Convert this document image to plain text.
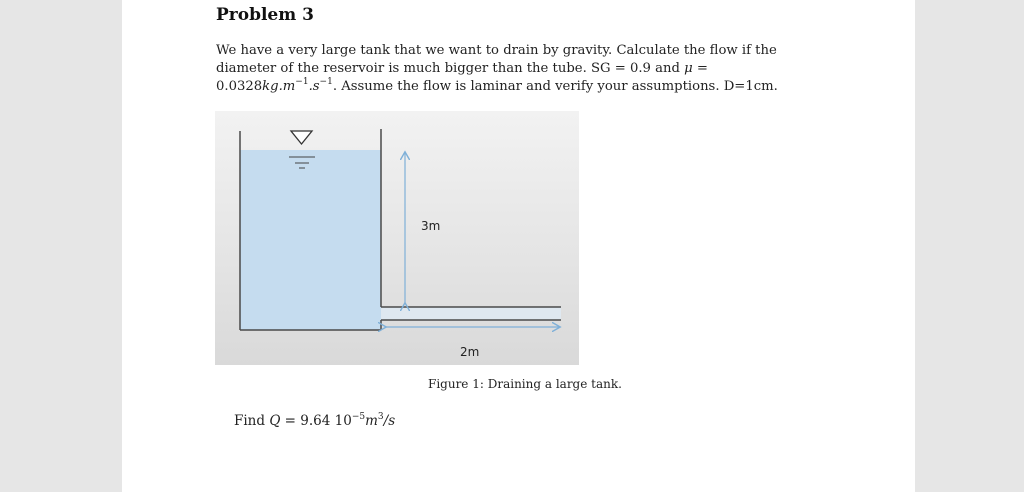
Problem 3
We have a very large tank that we want to drain by gravity. Calculate the flow if the diameter of the reservoir is much bigger than the tube. SG = 0.9 and $\mu = 0.0328kg.m^{-1}.s^{-1}$. Assume the flow is laminar and verify your assumptions. D=1cm.
3m
2m
Figure 1: Draining a large tank.
Find Q = 9.64 $10^{-5}m^3/s$
